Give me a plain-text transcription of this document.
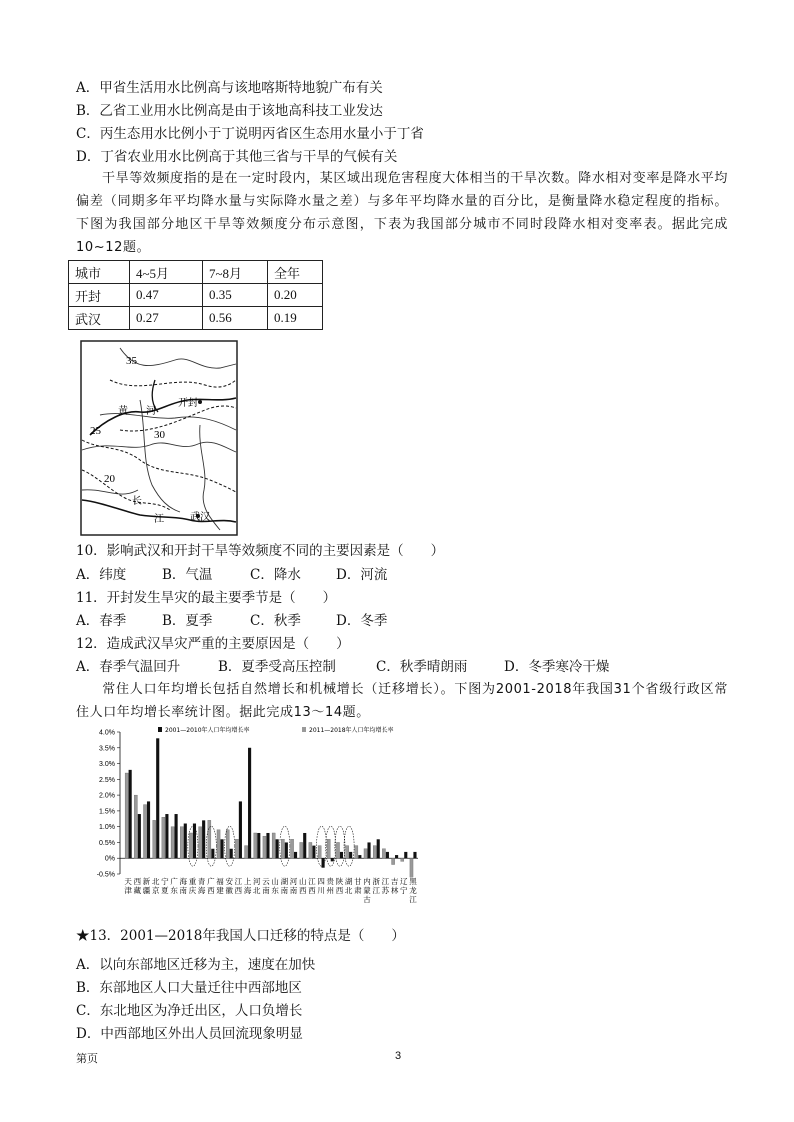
A．甲省生活用水比例高与该地喀斯特地貌广布有关
B．乙省工业用水比例高是由于该地高科技工业发达
C．丙生态用水比例小于丁说明丙省区生态用水量小于丁省
D．丁省农业用水比例高于其他三省与干旱的气候有关
干旱等效频度指的是在一定时段内，某区域出现危害程度大体相当的干旱次数。降水相对变率是降水平均偏差（同期多年平均降水量与实际降水量之差）与多年平均降水量的百分比，是衡量降水稳定程度的指标。下图为我国部分地区干旱等效频度分布示意图，下表为我国部分城市不同时段降水相对变率表。据此完成10~12题。
城市	4~5月	7~8月	全年
开封	0.47	0.35	0.20
武汉	0.27	0.56	0.19
35
30
25
20
黄 河
开封
长
江	武汉
10．影响武汉和开封干旱等效频度不同的主要因素是（　　）
A．纬度	B．气温	C．降水	D．河流
11．开封发生旱灾的最主要季节是（　　）
A．春季	B．夏季	C．秋季	D．冬季
12．造成武汉旱灾严重的主要原因是（　　）
A．春季气温回升	B．夏季受高压控制	C．秋季晴朗雨	D．冬季寒冷干燥
常住人口年均增长包括自然增长和机械增长（迁移增长）。下图为2001-2018年我国31个省级行政区常住人口年均增长率统计图。据此完成13～14题。
4.0%
3.5%
3.0%
2.5%
2.0%
1.5%
1.0%
0.5%
0%
-0.5%
2001—2010年人口年均增长率	2011—2018年人口年均增长率
天津
西藏
新疆
北京
宁夏
广东
海南
重庆
青海
广西
福建
安徽
江西
上海
河北
云南
山东
湖南
河南
山西
江西
四川
贵州
陕西
湖北
甘肃
内蒙古
浙江
江苏
吉林
辽宁
黑龙江
★13．2001—2018年我国人口迁移的特点是（　　）
A．以向东部地区迁移为主，速度在加快
B．东部地区人口大量迁往中西部地区
C．东北地区为净迁出区，人口负增长
D．中西部地区外出人员回流现象明显
第页	3
